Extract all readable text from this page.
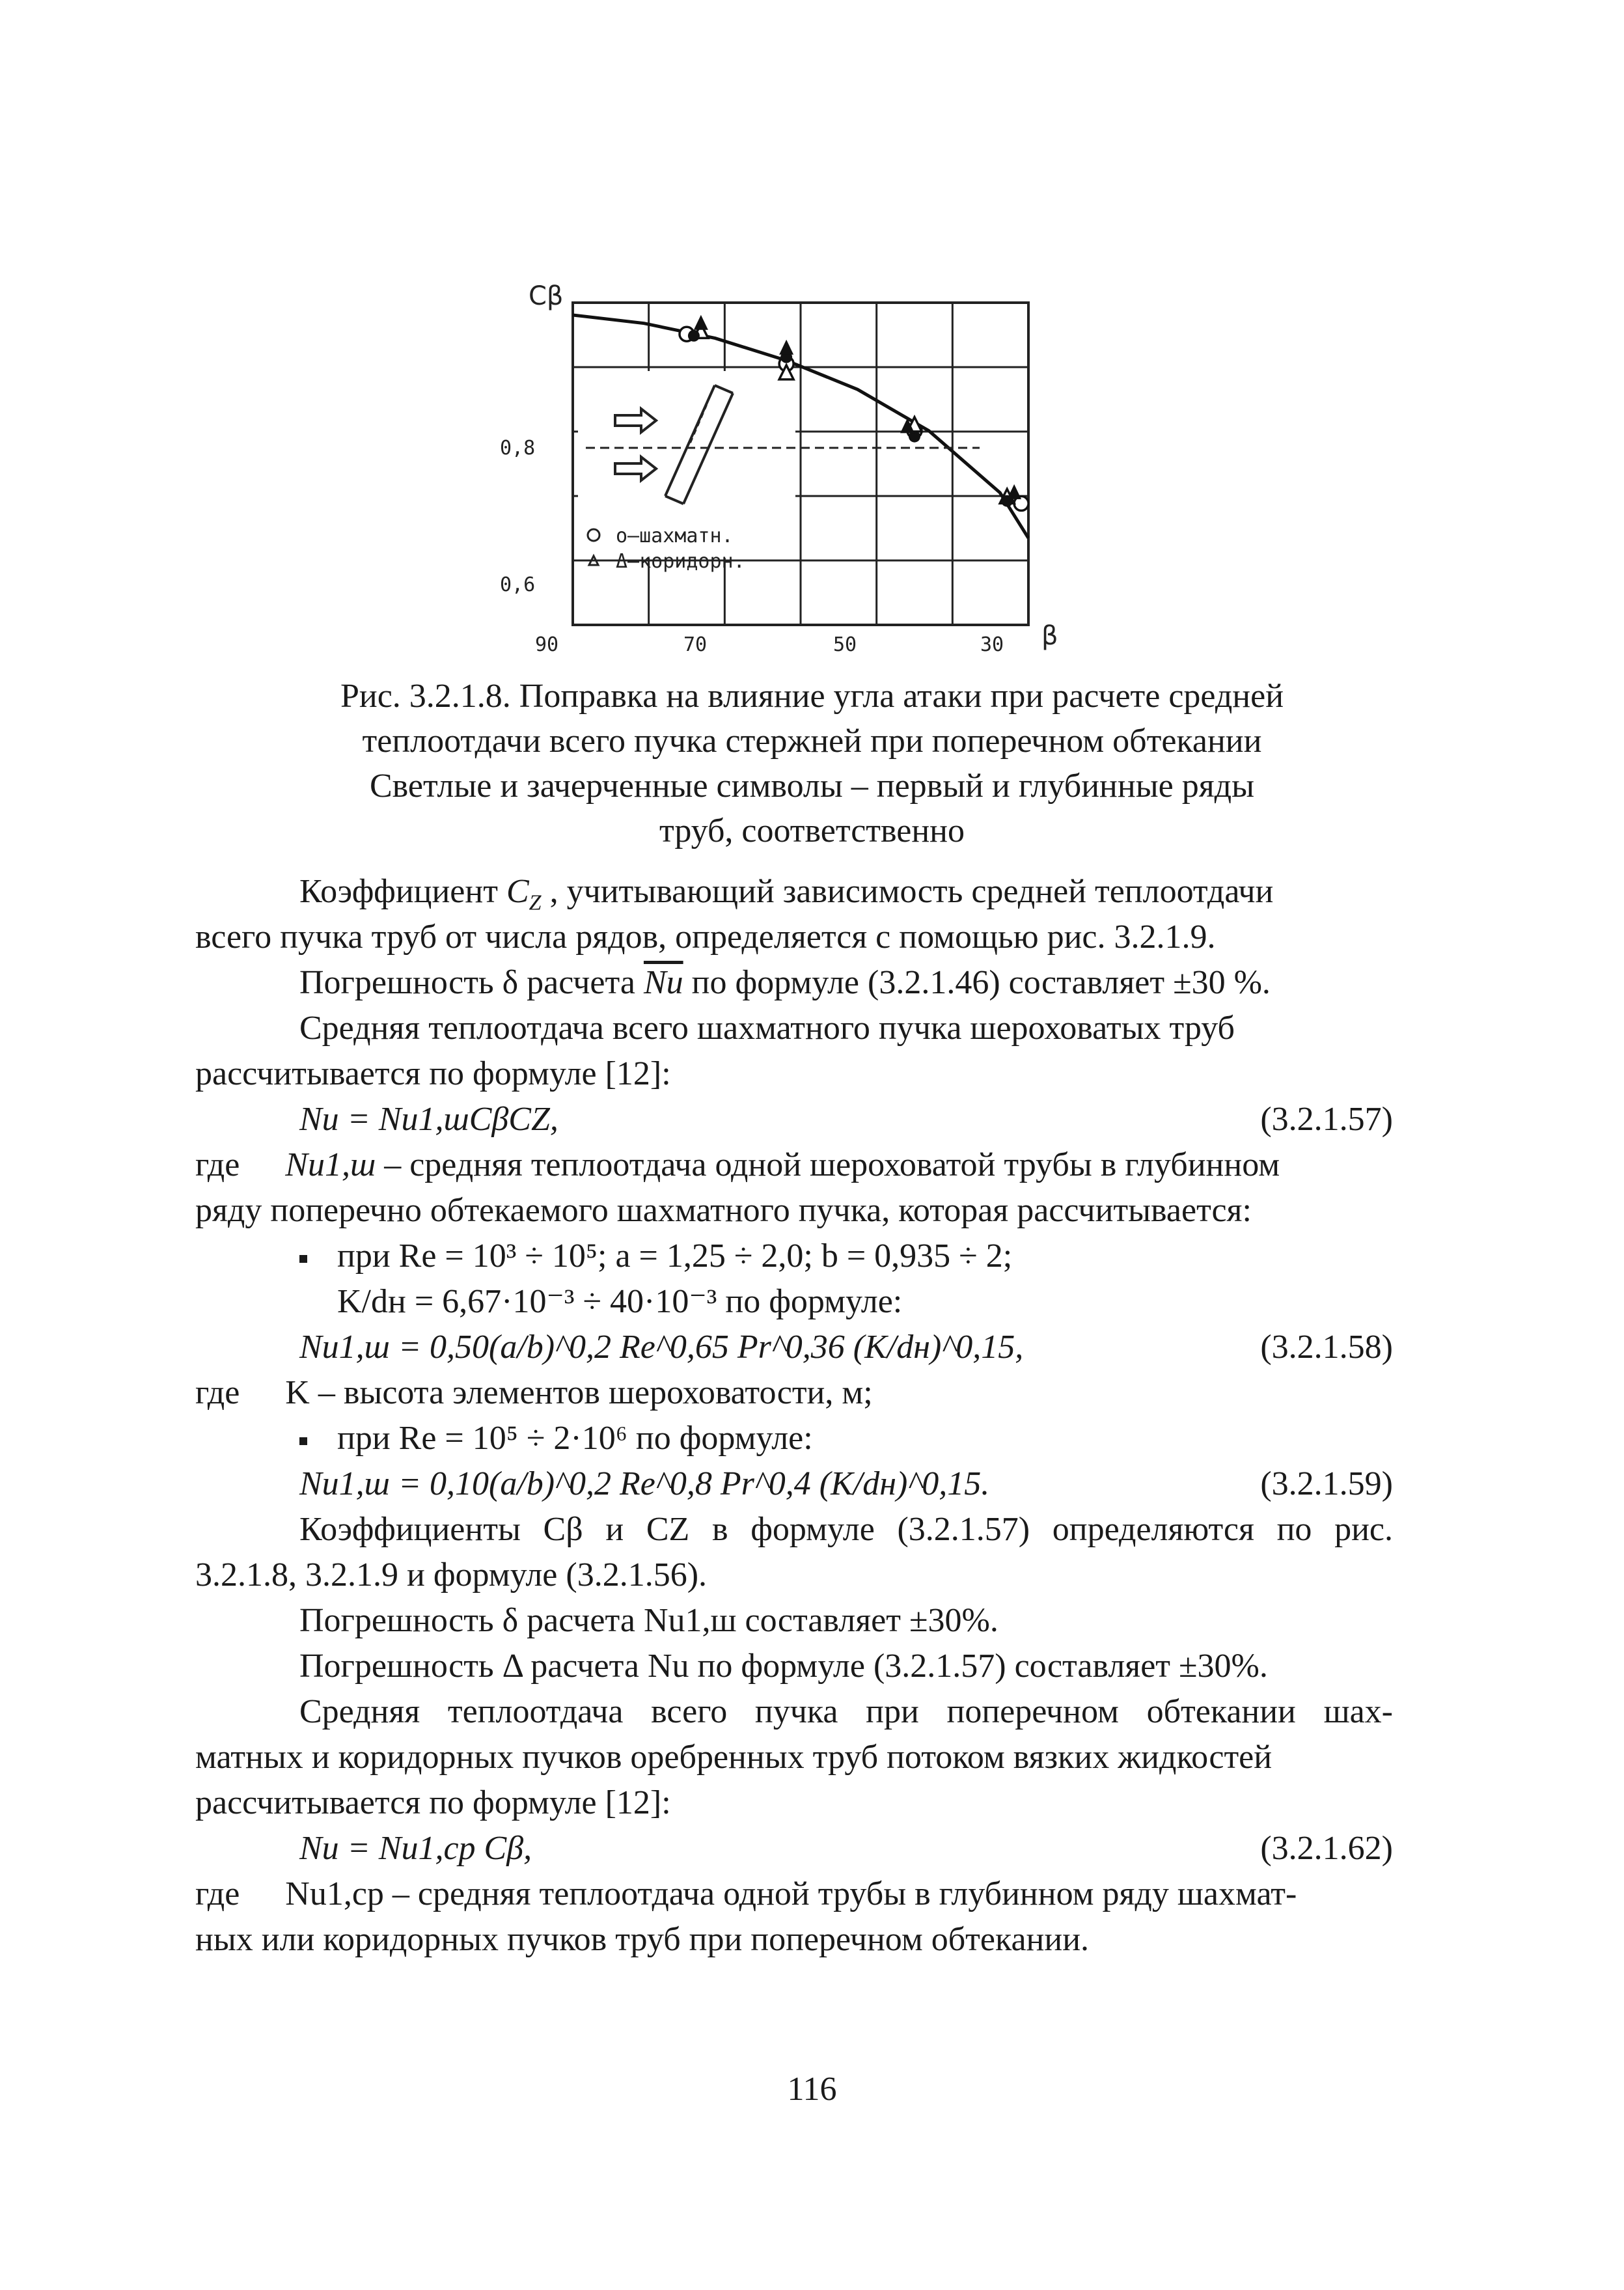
Cβ
0,8
0,6
90	70	50	30 β
о–шахматн.
Δ–коридорн.
Рис. 3.2.1.8. Поправка на влияние угла атаки при расчете средней
теплоотдачи всего пучка стержней при поперечном обтекании
Светлые и зачерченные символы – первый и глубинные ряды
труб, соответственно
Коэффициент $C_Z$ , учитывающий зависимость средней теплоотдачи
всего пучка труб от числа рядов, определяется с помощью рис. 3.2.1.9.
Погрешность δ расчета $\overline{Nu}$ по формуле (3.2.1.46) составляет ±30 %.
Средняя теплоотдача всего шахматного пучка шероховатых труб
рассчитывается по формуле [12]:
Nu = Nu1,шCβCZ,	(3.2.1.57)
где Nu1,ш – средняя теплоотдача одной шероховатой трубы в глубинном
ряду поперечно обтекаемого шахматного пучка, которая рассчитывается:
при Re = 10³ ÷ 10⁵; a = 1,25 ÷ 2,0; b = 0,935 ÷ 2;
K/dн = 6,67·10⁻³ ÷ 40·10⁻³ по формуле:
Nu1,ш = 0,50(a/b)^0,2 Re^0,65 Pr^0,36 (K/dн)^0,15,	(3.2.1.58)
где K – высота элементов шероховатости, м;
при Re = 10⁵ ÷ 2·10⁶ по формуле:
Nu1,ш = 0,10(a/b)^0,2 Re^0,8 Pr^0,4 (K/dн)^0,15.	(3.2.1.59)
Коэффициенты Cβ и CZ в формуле (3.2.1.57) определяются по рис.
3.2.1.8, 3.2.1.9 и формуле (3.2.1.56).
Погрешность δ расчета Nu1,ш составляет ±30%.
Погрешность Δ расчета Nu по формуле (3.2.1.57) составляет ±30%.
Средняя теплоотдача всего пучка при поперечном обтекании шах-
матных и коридорных пучков оребренных труб потоком вязких жидкостей
рассчитывается по формуле [12]:
Nu = Nu1,ср Cβ,	(3.2.1.62)
где Nu1,ср – средняя теплоотдача одной трубы в глубинном ряду шахмат-
ных или коридорных пучков труб при поперечном обтекании.
116
